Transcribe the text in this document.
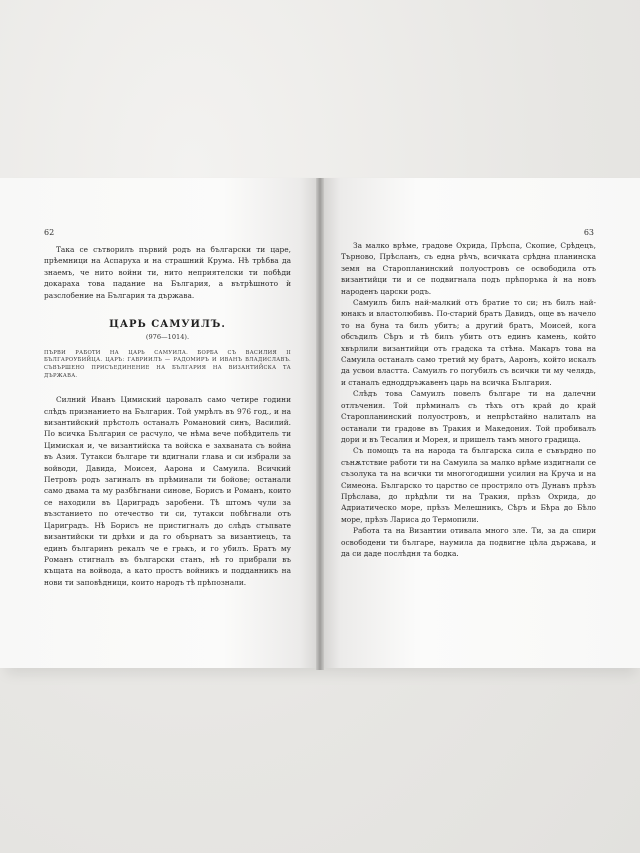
62

Така се сътворилъ първий родъ на български ти царе, прѣемници на Аспаруха и на страшний Крума. Нѣ трѣбва да знаемъ, че нито войни ти, нито неприятелски ти побѣди докараха това падание на България, а вътрѣшното ѝ разслобение на България та държава.

ЦАРЬ САМУИЛЪ.
(976—1014).

ПЪРВИ РАБОТИ НА ЦАРЬ САМУИЛА. БОРБА СЪ ВАСИЛИЯ II БЪЛГАРОУБИЙЦА. ЦАРЪ: ГАВРИИЛЪ — РАДОМИРЪ И ИВАНЪ ВЛАДИСЛАВЪ. СЪВЪРШЕНО ПРИСЪЕДИНЕНИЕ НА БЪЛГАРИЯ НА ВИЗАНТИЙСКА ТА ДЪРЖАВА.

Силний Иванъ Цимиский царовалъ само четире години слѣдъ признанието на България. Той умрѣлъ въ 976 год., и на византийский прѣстолъ останалъ Романовий синъ, Василий. По всичка България се расчуло, че нѣма вече побѣдитель ти Цимиская и, че византийска та войска е захваната съ война въ Азия. Тутакси българе ти вдигнали глава и си избрали за войводи, Давида, Моисея, Аарона и Самуила. Всичкий Петровъ родъ загиналъ въ прѣминали ти бойове; останали само двама та му разбѣгнани синове, Борисъ и Романъ, които се находили въ Цариградъ заробени. Тѣ штомъ чули за възстанието по отечество ти си, тутакси побѣгнали отъ Цариградъ. Нѣ Борисъ не пристигналъ до слѣдъ стъпвате византийски ти дрѣхи и да го обърнатъ за византиецъ, та единъ българинъ рекалъ че е грькъ, и го убилъ. Братъ му Романъ стигналъ въ български станъ, нѣ го прибрали въ къщата на войвода, а като простъ войникъ и подданникъ на нови ти заповѣдници, които народъ тѣ прѣпознали.

63

За малко врѣме, градове Охрида, Прѣспа, Скопие, Срѣдецъ, Търново, Прѣсланъ, съ една рѣчъ, всичката срѣдна планинска земя на Старопланинский полуостровъ се освободила отъ византийци ти и се подвигнала подъ прѣпоръка ѝ на новъ народенъ царски родъ.

Самуилъ билъ най-малкий отъ братие то си; нъ билъ най-юнакъ и властолюбивъ. По-старий братъ Давидъ, още въ начело то на буна та билъ убитъ; а другий братъ, Моисей, кога обсъдилъ Сѣръ и тѣ билъ убитъ отъ единъ камень, който хвърлили византийци отъ градска та стѣна. Макаръ това на Самуила останалъ само третий му братъ, Ааронъ, който искалъ да усвои властта. Самуилъ го погубилъ съ всички ти му челядь, и станалъ едноддръжавенъ царь на всичка България.

Слѣдъ това Самуилъ повелъ българе ти на далечни отлъчения. Той прѣминалъ съ тѣхъ отъ край до край Старопланинский полуостровъ, и непрѣстайно налиталъ на останали ти градове въ Тракия и Македония. Той пробивалъ дори и въ Тесалия и Морея, и пришелъ тамъ много градища.

Съ помощъ та на народа та българска сила е съвърдно по сънѫтствие работи ти на Самуила за малко врѣме издигнали се съзолука та на всички ти многогодишни усилия на Круча и на Симеона. Българско то царство се простряло отъ Дунавъ прѣзъ Прѣслава, до прѣдѣли ти на Тракия, прѣзъ Охрида, до Адриатическо море, прѣзъ Мелешникъ, Сѣръ и Бѣра до Бѣло море, прѣзъ Лариса до Термопили.

Работа та на Византии отивала много зле. Ти, за да спири освободени ти българе, наумила да подвигне цѣла държава, и да си даде послѣдня та бодка.
